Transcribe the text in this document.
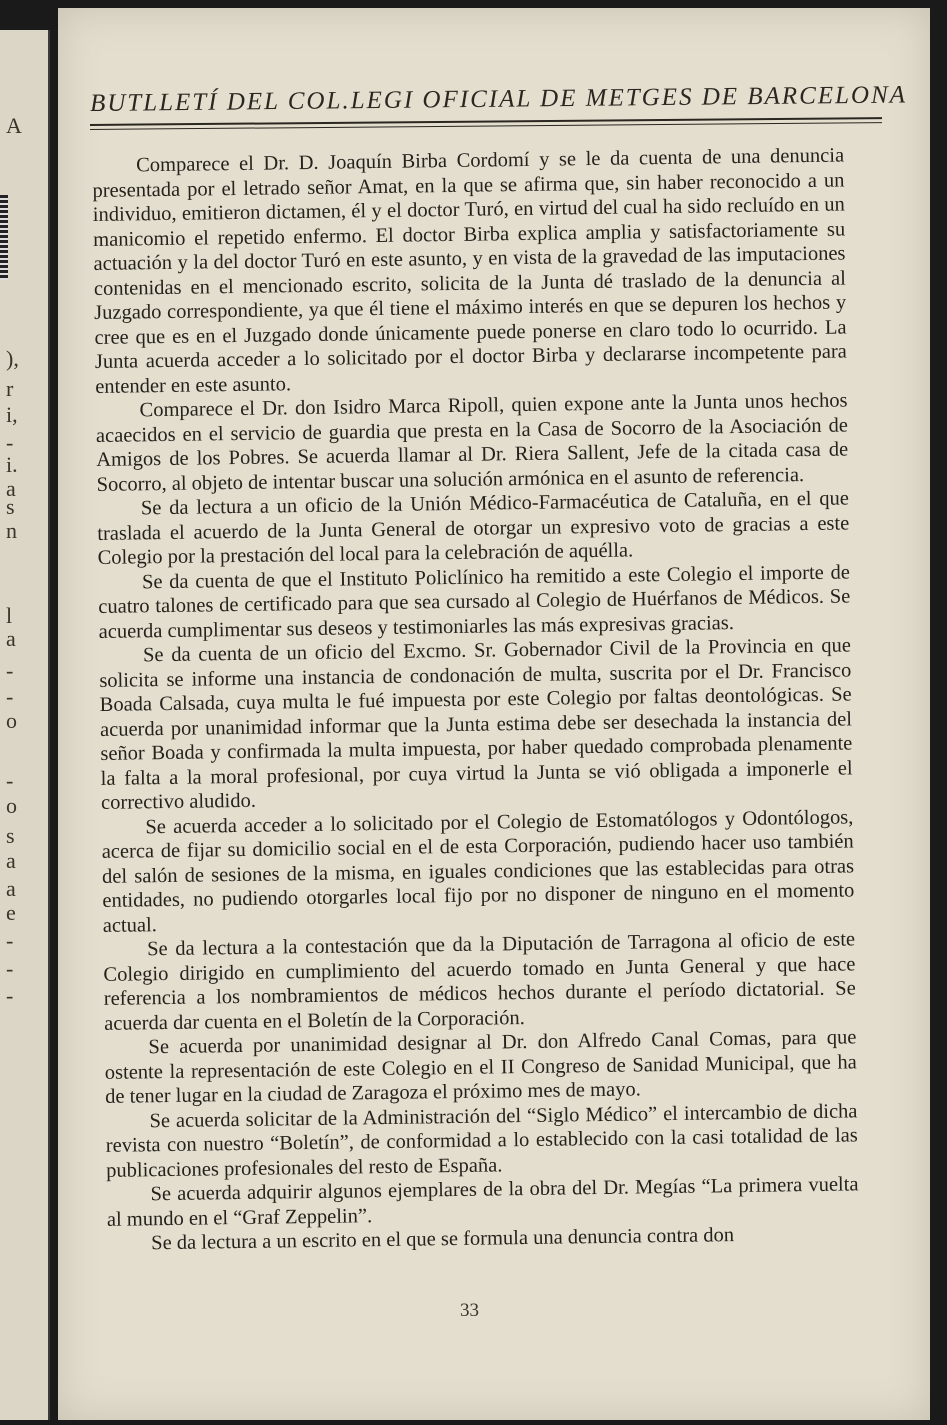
A
),
r
i,
-
i.
a
s
n
l
a
-
-
o
-
o
s
a
a
e
-
-
-
BUTLLETÍ DEL COL.LEGI OFICIAL DE METGES DE BARCELONA

Comparece el Dr. D. Joaquín Birba Cordomí y se le da cuenta de una denuncia presentada por el letrado señor Amat, en la que se afirma que, sin haber reconocido a un individuo, emitieron dictamen, él y el doctor Turó, en virtud del cual ha sido recluído en un manicomio el repetido enfermo. El doctor Birba explica amplia y satisfactoriamente su actuación y la del doctor Turó en este asunto, y en vista de la gravedad de las imputaciones contenidas en el mencionado escrito, solicita de la Junta dé traslado de la denuncia al Juzgado correspondiente, ya que él tiene el máximo interés en que se depuren los hechos y cree que es en el Juzgado donde únicamente puede ponerse en claro todo lo ocurrido. La Junta acuerda acceder a lo solicitado por el doctor Birba y declararse incompetente para entender en este asunto.

Comparece el Dr. don Isidro Marca Ripoll, quien expone ante la Junta unos hechos acaecidos en el servicio de guardia que presta en la Casa de Socorro de la Asociación de Amigos de los Pobres. Se acuerda llamar al Dr. Riera Sallent, Jefe de la citada casa de Socorro, al objeto de intentar buscar una solución armónica en el asunto de referencia.

Se da lectura a un oficio de la Unión Médico-Farmacéutica de Cataluña, en el que traslada el acuerdo de la Junta General de otorgar un expresivo voto de gracias a este Colegio por la prestación del local para la celebración de aquélla.

Se da cuenta de que el Instituto Policlínico ha remitido a este Colegio el importe de cuatro talones de certificado para que sea cursado al Colegio de Huérfanos de Médicos. Se acuerda cumplimentar sus deseos y testimoniarles las más expresivas gracias.

Se da cuenta de un oficio del Excmo. Sr. Gobernador Civil de la Provincia en que solicita se informe una instancia de condonación de multa, suscrita por el Dr. Francisco Boada Calsada, cuya multa le fué impuesta por este Colegio por faltas deontológicas. Se acuerda por unanimidad informar que la Junta estima debe ser desechada la instancia del señor Boada y confirmada la multa impuesta, por haber quedado comprobada plenamente la falta a la moral profesional, por cuya virtud la Junta se vió obligada a imponerle el correctivo aludido.

Se acuerda acceder a lo solicitado por el Colegio de Estomatólogos y Odontólogos, acerca de fijar su domicilio social en el de esta Corporación, pudiendo hacer uso también del salón de sesiones de la misma, en iguales condiciones que las establecidas para otras entidades, no pudiendo otorgarles local fijo por no disponer de ninguno en el momento actual.

Se da lectura a la contestación que da la Diputación de Tarragona al oficio de este Colegio dirigido en cumplimiento del acuerdo tomado en Junta General y que hace referencia a los nombramientos de médicos hechos durante el período dictatorial. Se acuerda dar cuenta en el Boletín de la Corporación.

Se acuerda por unanimidad designar al Dr. don Alfredo Canal Comas, para que ostente la representación de este Colegio en el II Congreso de Sanidad Municipal, que ha de tener lugar en la ciudad de Zaragoza el próximo mes de mayo.

Se acuerda solicitar de la Administración del “Siglo Médico” el intercambio de dicha revista con nuestro “Boletín”, de conformidad a lo establecido con la casi totalidad de las publicaciones profesionales del resto de España.

Se acuerda adquirir algunos ejemplares de la obra del Dr. Megías “La primera vuelta al mundo en el “Graf Zeppelin”.

Se da lectura a un escrito en el que se formula una denuncia contra don

33
